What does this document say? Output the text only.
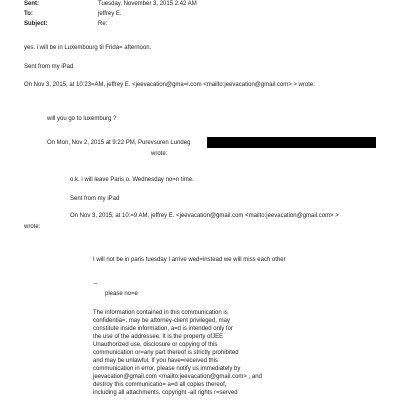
Sent:	Tuesday, November 3, 2015 2:42 AM
To:	jeffrey E.
Subject:	Re:
yes. i will be in Luxembourg til Frida= afternoon.
Sent from my iPad
On Nov 3, 2015, at 10:23=AM, jeffrey E. <jeevacation@gma=l.com <mailto:jeevacation@gmail.com> > wrote:
will you go to luxemburg ?
On Mon, Nov 2, 2015 at 9:22 PM, Purevsuren Lundeg
wrote:
o.k. i will leave Paris o. Wednesday no=n time.
Sent from my iPad
On Nov 3, 2015, at 10:=9 AM, jeffrey E. <jeevacation@gmail.com <mailto:jeevacation@gmail.com> >
wrote:
I will not be in paris tuesday I arrive wed=instead we will miss each other
--
please no=e
The information contained in this communication is
confidentia=, may be attorney-client privileged, may
constitute inside information, a=d is intended only for
the use of the addressee. It is the property ofJEE
Unauthorized use, disclosure or copying of this
communication or=any part thereof is strictly prohibited
and may be unlawful. If you have=received this
communication in error, please notify us immediately by
jeevacation@gmail.com <mailto:jeevacation@gmail.com> , and
destroy this communicatio= a=d all copies thereof,
including all attachments. copyright -all rights r=served
